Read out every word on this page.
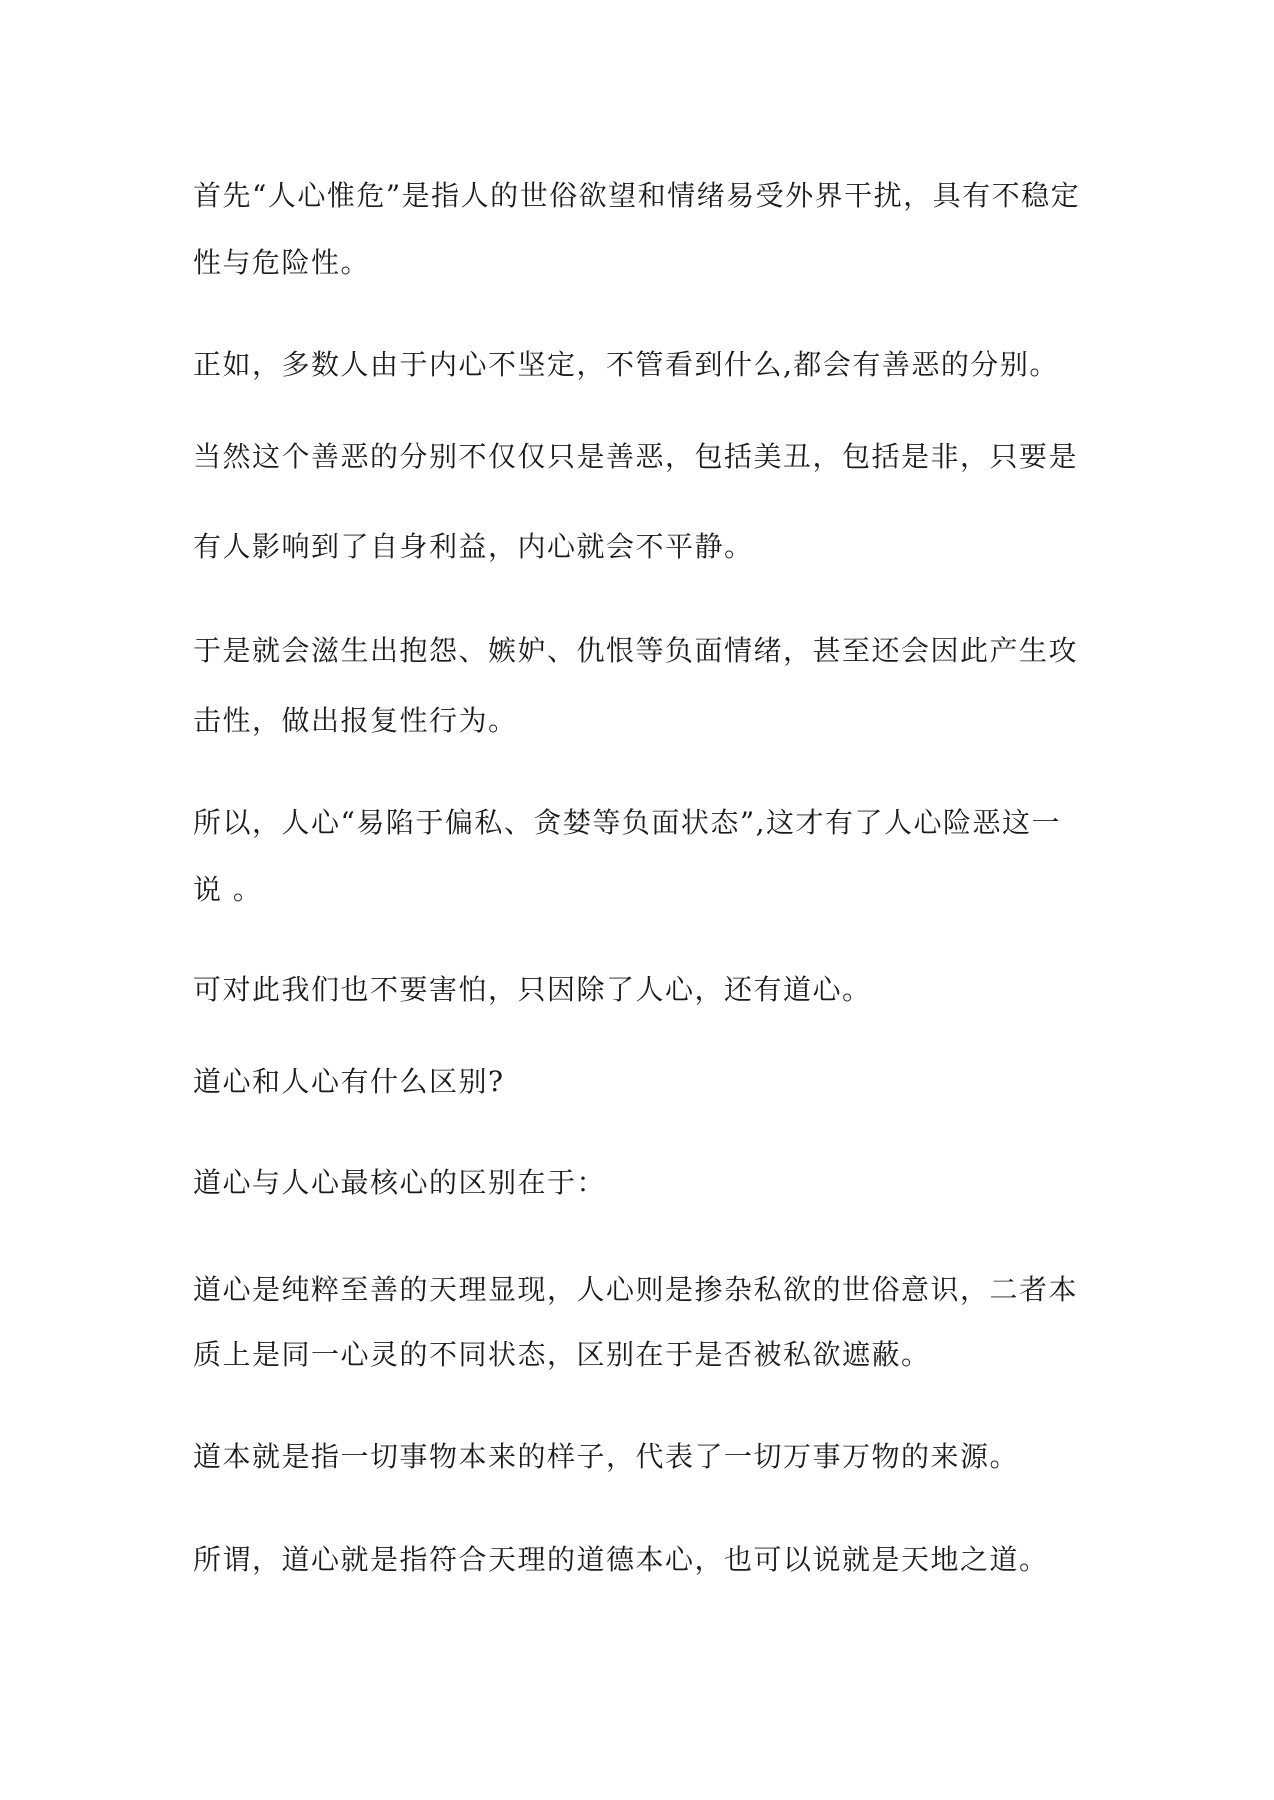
首先“人心惟危”是指人的世俗欲望和情绪易受外界干扰，具有不稳定
性与危险性。
正如，多数人由于内心不坚定，不管看到什么,都会有善恶的分别。
当然这个善恶的分别不仅仅只是善恶，包括美丑，包括是非，只要是
有人影响到了自身利益，内心就会不平静。
于是就会滋生出抱怨、嫉妒、仇恨等负面情绪，甚至还会因此产生攻
击性，做出报复性行为。
所以，人心“易陷于偏私、贪婪等负面状态”,这才有了人心险恶这一
说 。
可对此我们也不要害怕，只因除了人心，还有道心。
道心和人心有什么区别?
道心与人心最核心的区别在于：
道心是纯粹至善的天理显现，人心则是掺杂私欲的世俗意识，二者本
质上是同一心灵的不同状态，区别在于是否被私欲遮蔽。
道本就是指一切事物本来的样子，代表了一切万事万物的来源。
所谓，道心就是指符合天理的道德本心，也可以说就是天地之道。
